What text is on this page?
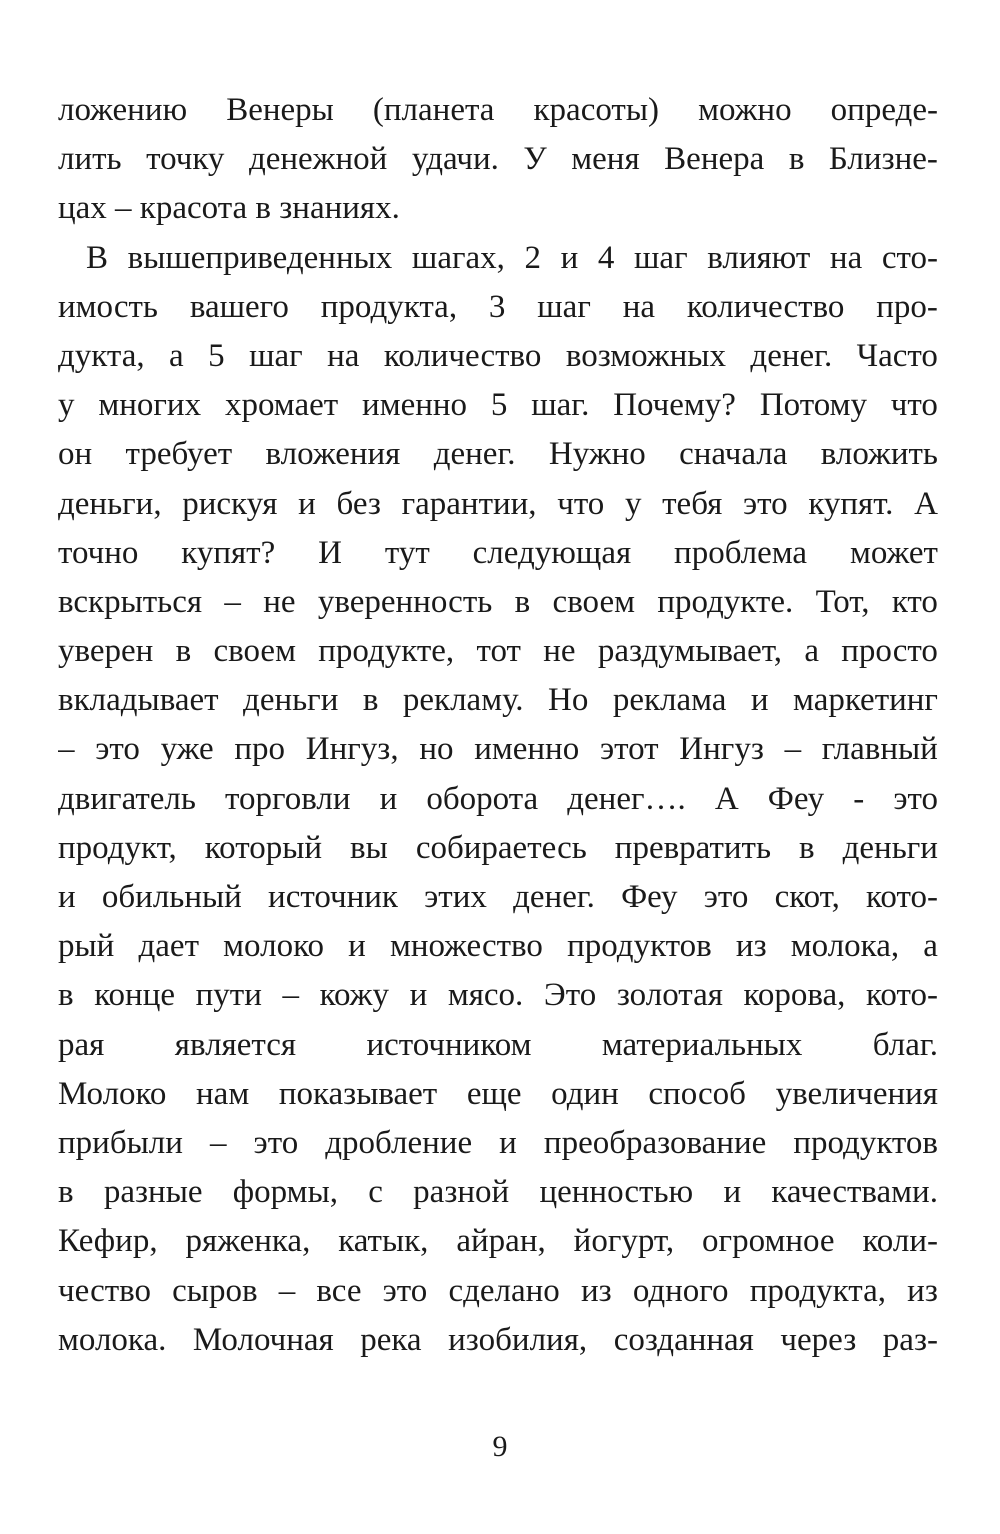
ложению Венеры (планета красоты) можно опреде-
лить точку денежной удачи. У меня Венера в Близне-
цах – красота в знаниях.
В вышеприведенных шагах, 2 и 4 шаг влияют на сто-
имость вашего продукта, 3 шаг на количество про-
дукта, а 5 шаг на количество возможных денег. Часто
у многих хромает именно 5 шаг. Почему? Потому что
он требует вложения денег. Нужно сначала вложить
деньги, рискуя и без гарантии, что у тебя это купят. А
точно купят? И тут следующая проблема может
вскрыться – не уверенность в своем продукте. Тот, кто
уверен в своем продукте, тот не раздумывает, а просто
вкладывает деньги в рекламу. Но реклама и маркетинг
– это уже про Ингуз, но именно этот Ингуз – главный
двигатель торговли и оборота денег…. А Феу - это
продукт, который вы собираетесь превратить в деньги
и обильный источник этих денег. Феу это скот, кото-
рый дает молоко и множество продуктов из молока, а
в конце пути – кожу и мясо. Это золотая корова, кото-
рая является источником материальных благ.
Молоко нам показывает еще один способ увеличения
прибыли – это дробление и преобразование продуктов
в разные формы, с разной ценностью и качествами.
Кефир, ряженка, катык, айран, йогурт, огромное коли-
чество сыров – все это сделано из одного продукта, из
молока. Молочная река изобилия, созданная через раз-
9
